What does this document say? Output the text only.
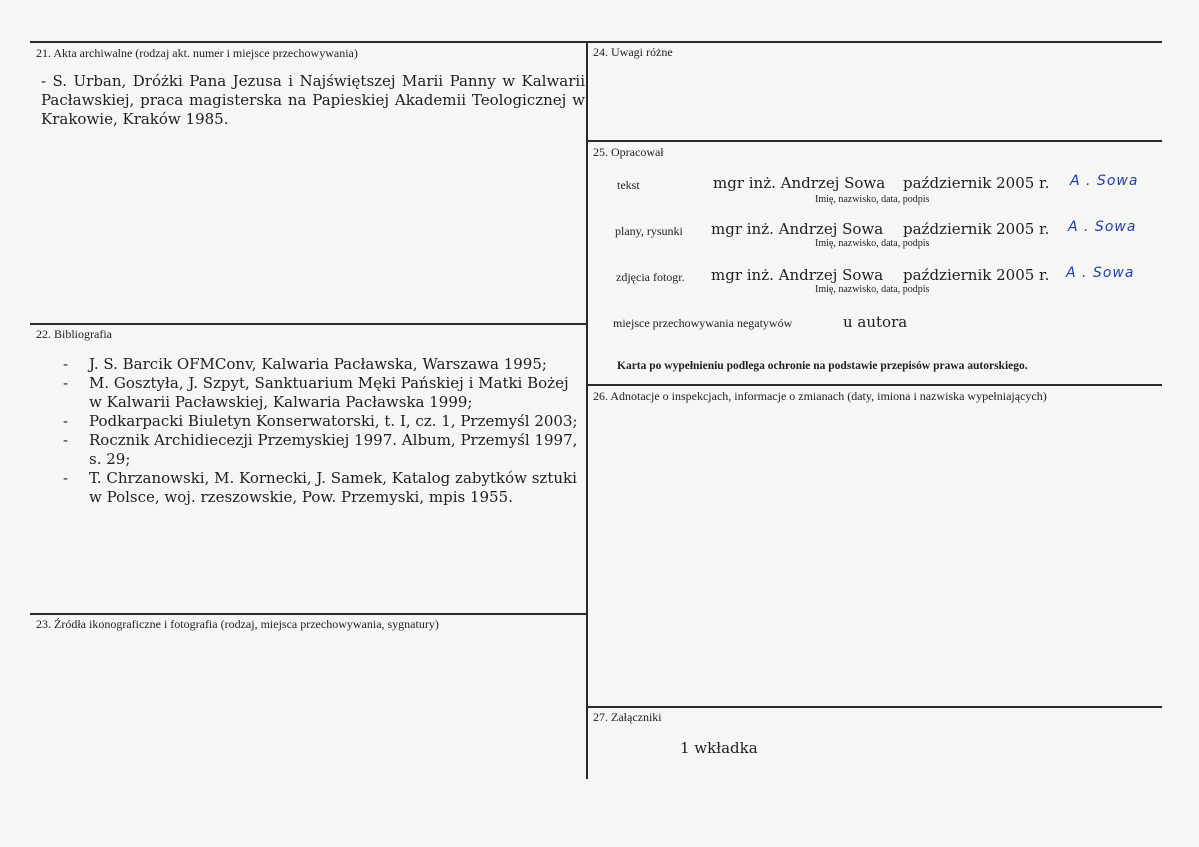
21. Akta archiwalne (rodzaj akt. numer i miejsce przechowywania)
- S. Urban, Dróżki Pana Jezusa i Najświętszej Marii Panny w Kalwarii Pacławskiej, praca magisterska na Papieskiej Akademii Teologicznej w Krakowie, Kraków 1985.
22. Bibliografia
- J. S. Barcik OFMConv, Kalwaria Pacławska, Warszawa 1995;
- M. Gosztyła, J. Szpyt, Sanktuarium Męki Pańskiej i Matki Bożej w Kalwarii Pacławskiej, Kalwaria Pacławska 1999;
- Podkarpacki Biuletyn Konserwatorski, t. I, cz. 1, Przemyśl 2003;
- Rocznik Archidiecezji Przemyskiej 1997. Album, Przemyśl 1997, s. 29;
- T. Chrzanowski, M. Kornecki, J. Samek, Katalog zabytków sztuki w Polsce, woj. rzeszowskie, Pow. Przemyski, mpis 1955.
23. Źródła ikonograficzne i fotografia (rodzaj, miejsca przechowywania, sygnatury)
24. Uwagi różne
25. Opracował
tekst	mgr inż. Andrzej Sowa październik 2005 r. A . Sowa
Imię, nazwisko, data, podpis
plany, rysunki mgr inż. Andrzej Sowa październik 2005 r. A . Sowa
Imię, nazwisko, data, podpis
zdjęcia fotogr. mgr inż. Andrzej Sowa październik 2005 r. A . Sowa
Imię, nazwisko, data, podpis
miejsce przechowywania negatywów	u autora
Karta po wypełnieniu podlega ochronie na podstawie przepisów prawa autorskiego.
26. Adnotacje o inspekcjach, informacje o zmianach (daty, imiona i nazwiska wypełniających)
27. Załączniki
1 wkładka
